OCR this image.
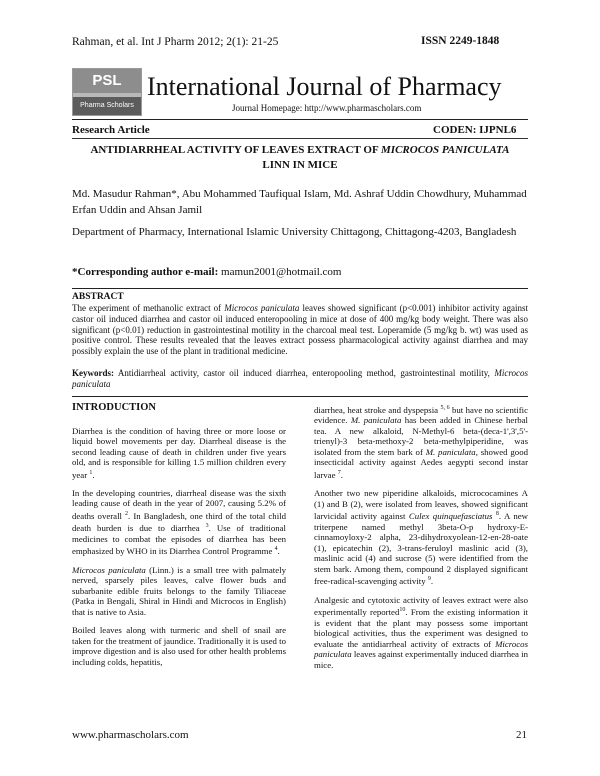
Rahman, et al. Int J Pharm 2012; 2(1): 21-25	ISSN 2249-1848
PSL
Pharma Scholars
International Journal of Pharmacy
Journal Homepage: http://www.pharmascholars.com
Research Article	CODEN: IJPNL6
ANTIDIARRHEAL ACTIVITY OF LEAVES EXTRACT OF MICROCOS PANICULATA
LINN IN MICE
Md. Masudur Rahman*, Abu Mohammed Taufiqual Islam, Md. Ashraf Uddin Chowdhury, Muhammad Erfan Uddin and Ahsan Jamil
Department of Pharmacy, International Islamic University Chittagong, Chittagong-4203, Bangladesh
*Corresponding author e-mail: mamun2001@hotmail.com
ABSTRACT
The experiment of methanolic extract of Microcos paniculata leaves showed significant (p<0.001) inhibitor activity against castor oil induced diarrhea and castor oil induced enteropooling in mice at dose of 400 mg/kg body weight. There was also significant (p<0.01) reduction in gastrointestinal motility in the charcoal meal test. Loperamide (5 mg/kg b. wt) was used as positive control. These results revealed that the leaves extract possess pharmacological activity against diarrhea and may possibly explain the use of the plant in traditional medicine.
Keywords: Antidiarrheal activity, castor oil induced diarrhea, enteropooling method, gastrointestinal motility, Microcos paniculata

INTRODUCTION

Diarrhea is the condition of having three or more loose or liquid bowel movements per day. Diarrheal disease is the second leading cause of death in children under five years old, and is responsible for killing 1.5 million children every year $^1$.

In the developing countries, diarrheal disease was the sixth leading cause of death in the year of 2007, causing 5.2% of deaths overall $^2$. In Bangladesh, one third of the total child death burden is due to diarrhea $^3$. Use of traditional medicines to combat the episodes of diarrhea has been emphasized by WHO in its Diarrhea Control Programme $^4$.

Microcos paniculata (Linn.) is a small tree with palmately nerved, sparsely piles leaves, calve flower buds and subarbanite edible fruits belongs to the family Tiliaceae (Patka in Bengali, Shiral in Hindi and Microcos in English) that is native to Asia.

Boiled leaves along with turmeric and shell of snail are taken for the treatment of jaundice. Traditionally it is used to improve digestion and is also used for other health problems including colds, hepatitis,

diarrhea, heat stroke and dyspepsia $^{5, 6}$ but have no scientific evidence. M. paniculata has been added in Chinese herbal tea. A new alkaloid, N-Methyl-6 beta-(deca-1',3',5'-trienyl)-3 beta-methoxy-2 beta-methylpiperidine, was isolated from the stem bark of M. paniculata, showed good insecticidal activity against Aedes aegypti second instar larvae $^7$.

Another two new piperidine alkaloids, micrococamines A (1) and B (2), were isolated from leaves, showed significant larvicidal activity against Culex quinquefasciatus $^8$. A new triterpene named methyl 3beta-O-p hydroxy-E-cinnamoyloxy-2 alpha, 23-dihydroxyolean-12-en-28-oate (1), epicatechin (2), 3-trans-feruloyl maslinic acid (3), maslinic acid (4) and sucrose (5) were identified from the stem bark. Among them, compound 2 displayed significant free-radical-scavenging activity $^9$.

Analgesic and cytotoxic activity of leaves extract were also experimentally reported$^{10}$. From the existing information it is evident that the plant may possess some important biological activities, thus the experiment was designed to evaluate the antidiarrheal activity of extracts of Microcos paniculata leaves against experimentally induced diarrhea in mice.

www.pharmascholars.com	21
